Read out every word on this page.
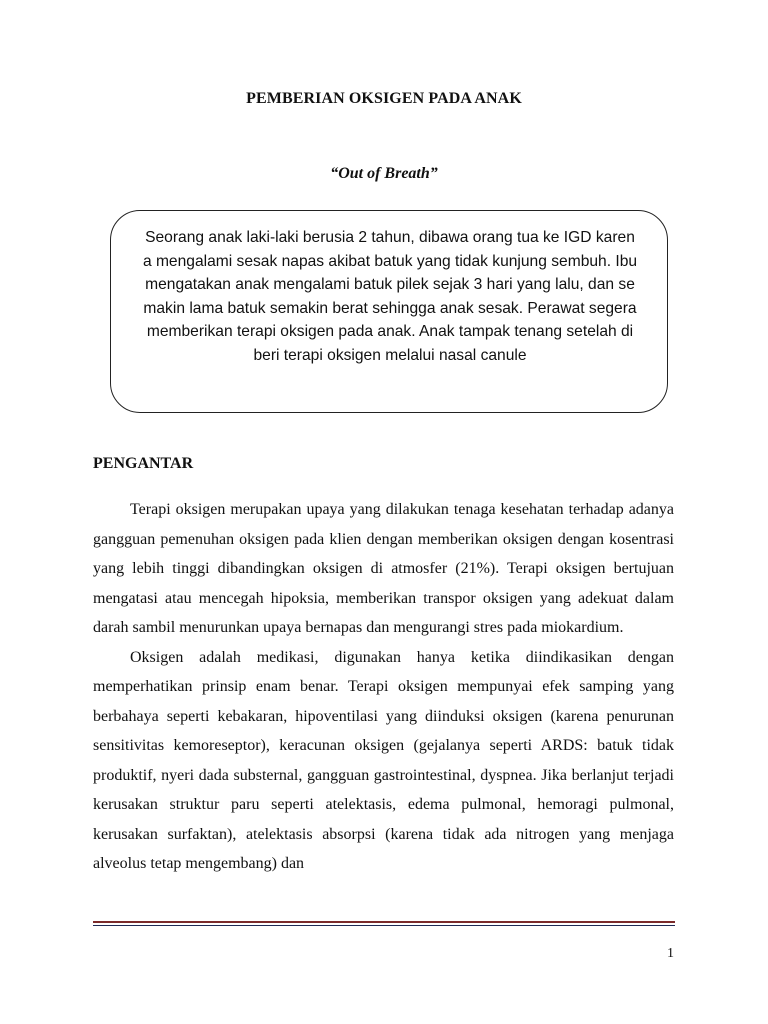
PEMBERIAN OKSIGEN PADA ANAK
“Out of Breath”

Seorang anak laki-laki berusia 2 tahun, dibawa orang tua ke IGD karen
a mengalami sesak napas akibat batuk yang tidak kunjung sembuh. Ibu
mengatakan anak mengalami batuk pilek sejak 3 hari yang lalu, dan se
makin lama batuk semakin berat sehingga anak sesak. Perawat segera
memberikan terapi oksigen pada anak. Anak tampak tenang setelah di
beri terapi oksigen melalui nasal canule

PENGANTAR

Terapi oksigen merupakan upaya yang dilakukan tenaga kesehatan terhadap adanya gangguan pemenuhan oksigen pada klien dengan memberikan oksigen dengan kosentrasi yang lebih tinggi dibandingkan oksigen di atmosfer (21%). Terapi oksigen bertujuan mengatasi atau mencegah hipoksia, memberikan transpor oksigen yang adekuat dalam darah sambil menurunkan upaya bernapas dan mengurangi stres pada miokardium.

Oksigen adalah medikasi, digunakan hanya ketika diindikasikan dengan memperhatikan prinsip enam benar. Terapi oksigen mempunyai efek samping yang berbahaya seperti kebakaran, hipoventilasi yang diinduksi oksigen (karena penurunan sensitivitas kemoreseptor), keracunan oksigen (gejalanya seperti ARDS: batuk tidak produktif, nyeri dada substernal, gangguan gastrointestinal, dyspnea. Jika berlanjut terjadi kerusakan struktur paru seperti atelektasis, edema pulmonal, hemoragi pulmonal, kerusakan surfaktan), atelektasis absorpsi (karena tidak ada nitrogen yang menjaga alveolus tetap mengembang) dan

1
